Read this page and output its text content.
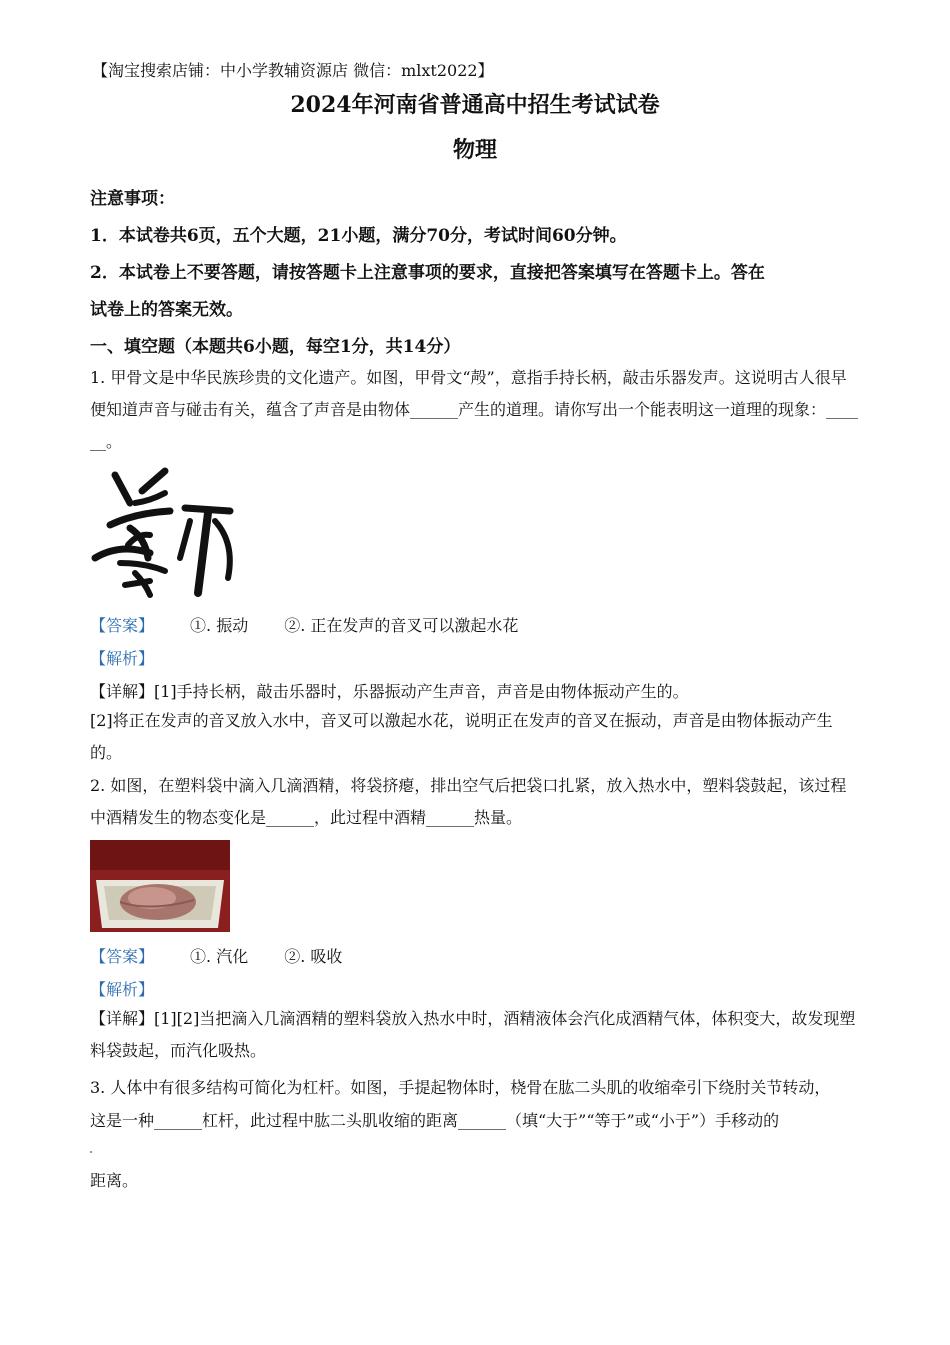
【淘宝搜索店铺：中小学教辅资源店 微信：mlxt2022】
2024年河南省普通高中招生考试试卷
物理
注意事项：
1．本试卷共6页，五个大题，21小题，满分70分，考试时间60分钟。
2．本试卷上不要答题，请按答题卡上注意事项的要求，直接把答案填写在答题卡上。答在
试卷上的答案无效。
一、填空题（本题共6小题，每空1分，共14分）
1. 甲骨文是中华民族珍贵的文化遗产。如图，甲骨文“殸”，意指手持长柄，敲击乐器发声。这说明古人很早便知道声音与碰击有关，蕴含了声音是由物体______产生的道理。请你写出一个能表明这一道理的现象：______。
【答案】 ①. 振动 ②. 正在发声的音叉可以激起水花
【解析】
【详解】[1]手持长柄，敲击乐器时，乐器振动产生声音，声音是由物体振动产生的。
[2]将正在发声的音叉放入水中，音叉可以激起水花，说明正在发声的音叉在振动，声音是由物体振动产生的。
2. 如图，在塑料袋中滴入几滴酒精，将袋挤瘪，排出空气后把袋口扎紧，放入热水中，塑料袋鼓起，该过程中酒精发生的物态变化是______，此过程中酒精______热量。
【答案】 ①. 汽化 ②. 吸收
【解析】
【详解】[1][2]当把滴入几滴酒精的塑料袋放入热水中时，酒精液体会汽化成酒精气体，体积变大，故发现塑料袋鼓起，而汽化吸热。
3. 人体中有很多结构可简化为杠杆。如图，手提起物体时，桡骨在肱二头肌的收缩牵引下绕肘关节转动，
这是一种______杠杆，此过程中肱二头肌收缩的距离______（填“大于”“等于”或“小于”）手移动的
距离。
